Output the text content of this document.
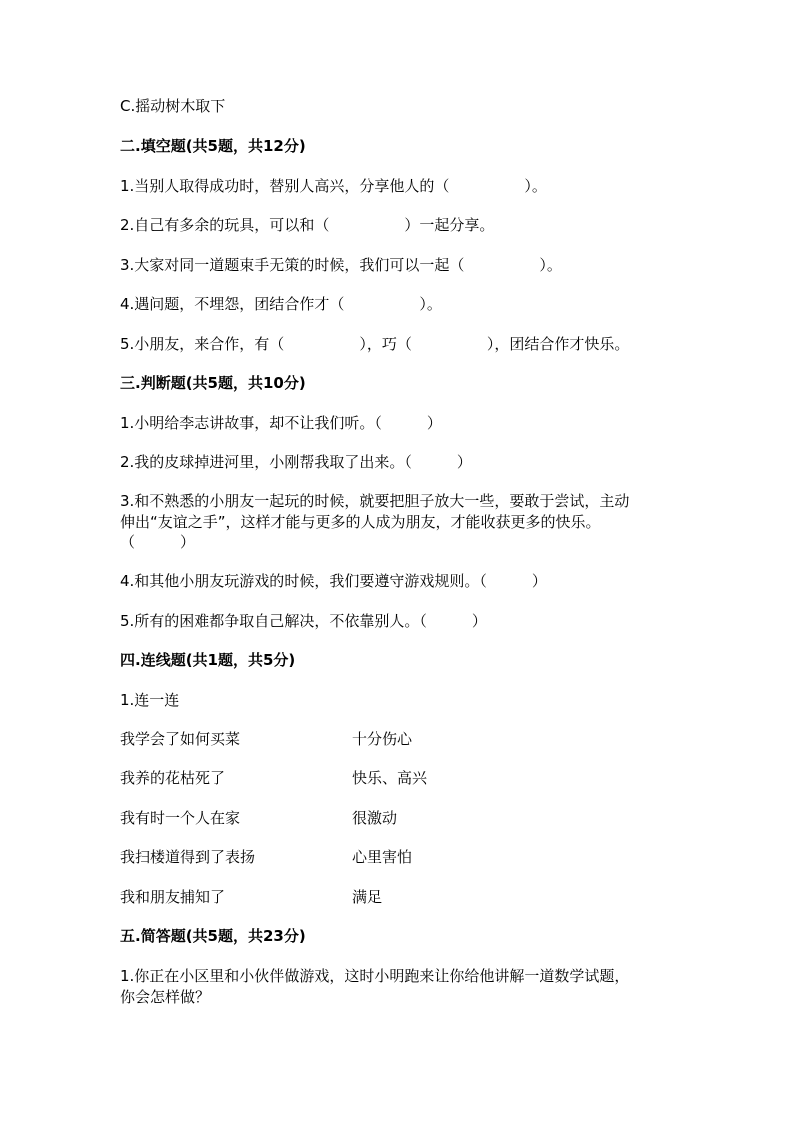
C.摇动树木取下
二.填空题(共5题，共12分)
1.当别人取得成功时，替别人高兴，分享他人的（　　　　　）。
2.自己有多余的玩具，可以和（　　　　　）一起分享。
3.大家对同一道题束手无策的时候，我们可以一起（　　　　　）。
4.遇问题，不埋怨，团结合作才（　　　　　）。
5.小朋友，来合作，有（　　　　　），巧（　　　　　），团结合作才快乐。
三.判断题(共5题，共10分)
1.小明给李志讲故事，却不让我们听。（　　　）
2.我的皮球掉进河里，小刚帮我取了出来。（　　　）
3.和不熟悉的小朋友一起玩的时候，就要把胆子放大一些，要敢于尝试，主动
伸出“友谊之手”，这样才能与更多的人成为朋友，才能收获更多的快乐。
（　　　）
4.和其他小朋友玩游戏的时候，我们要遵守游戏规则。（　　　）
5.所有的困难都争取自己解决，不依靠别人。（　　　）
四.连线题(共1题，共5分)
1.连一连
我学会了如何买菜	十分伤心
我养的花枯死了	快乐、高兴
我有时一个人在家	很激动
我扫楼道得到了表扬	心里害怕
我和朋友捕知了	满足
五.简答题(共5题，共23分)
1.你正在小区里和小伙伴做游戏，这时小明跑来让你给他讲解一道数学试题，
你会怎样做？
